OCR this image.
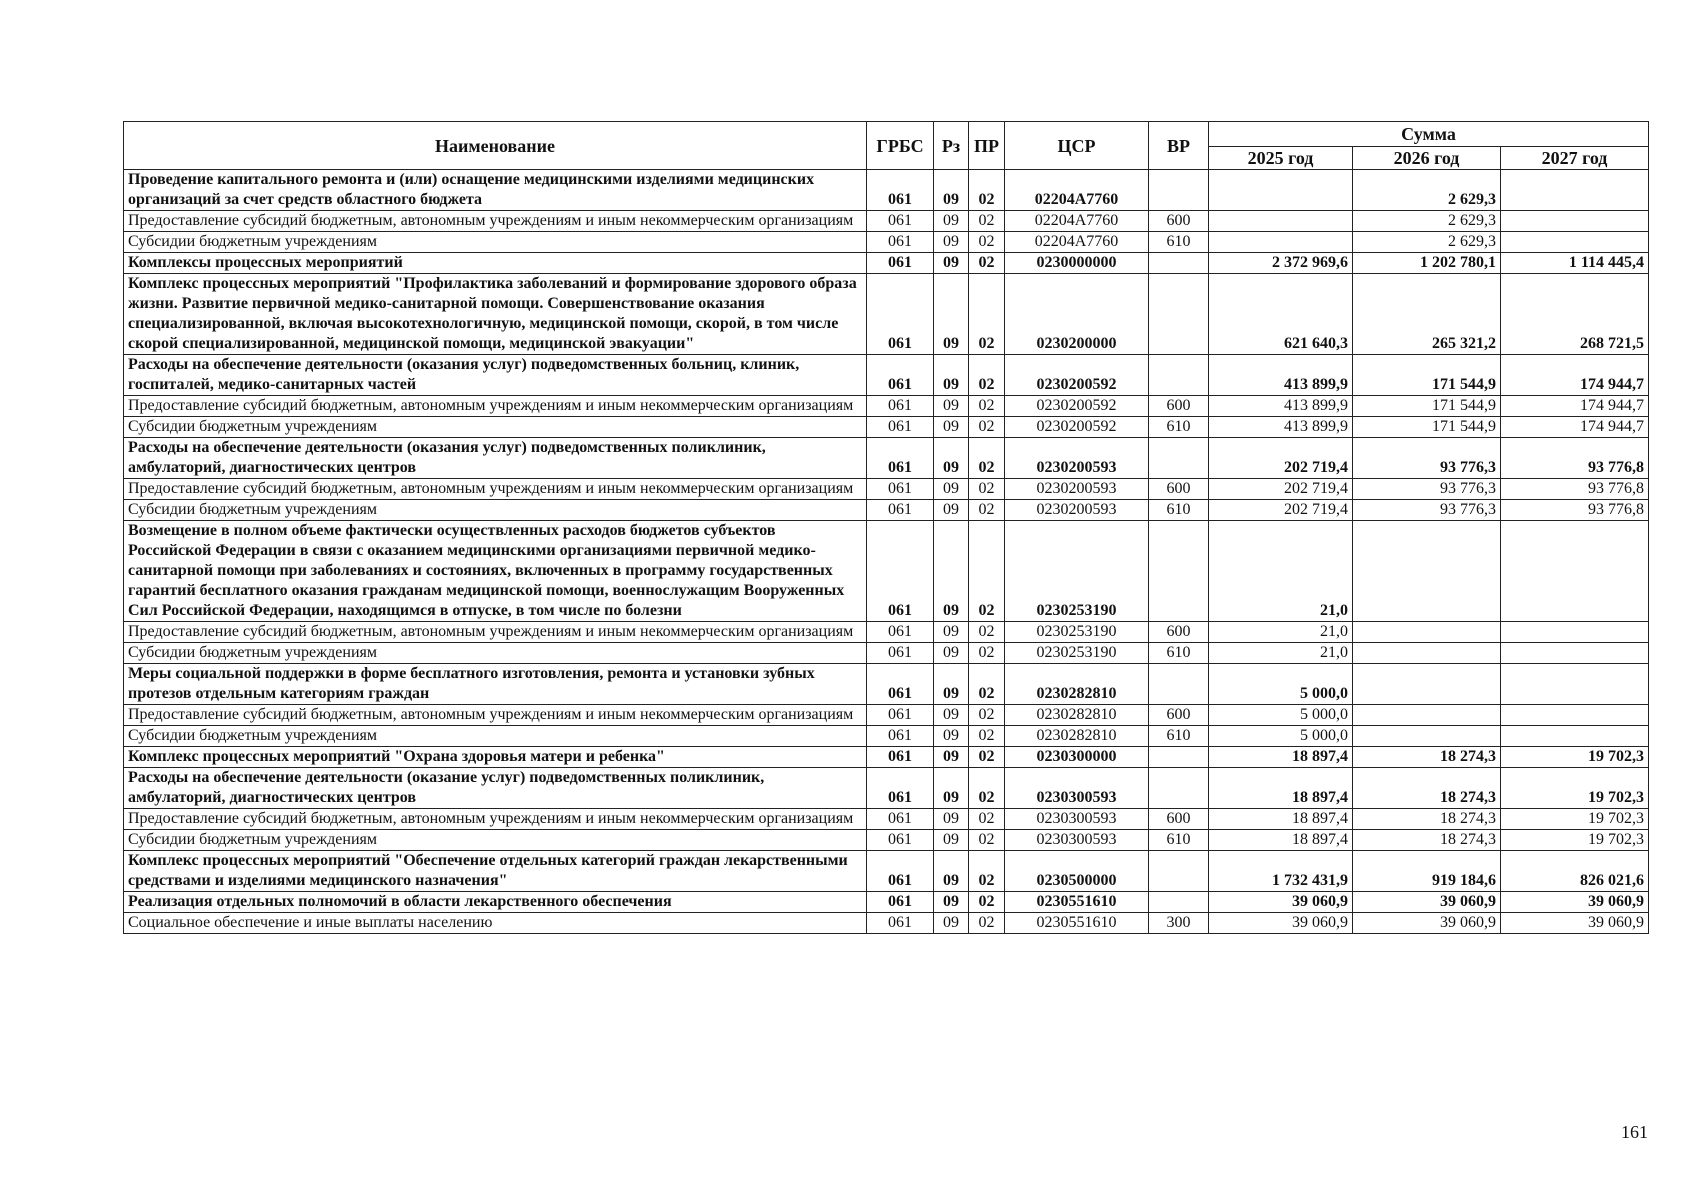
Наименование	ГРБС	Рз	ПР	ЦСР	ВР	Сумма		
						2025 год	2026 год	2027 год
Проведение капитального ремонта и (или) оснащение медицинскими изделиями медицинских организаций за счет средств областного бюджета	061	09	02	02204А7760			2 629,3	
Предоставление субсидий бюджетным, автономным учреждениям и иным некоммерческим организациям	061	09	02	02204А7760	600		2 629,3	
Субсидии бюджетным учреждениям	061	09	02	02204А7760	610		2 629,3	
Комплексы процессных мероприятий	061	09	02	0230000000		2 372 969,6	1 202 780,1	1 114 445,4
Комплекс процессных мероприятий "Профилактика заболеваний и формирование здорового образа жизни. Развитие первичной медико-санитарной помощи. Совершенствование оказания специализированной, включая высокотехнологичную, медицинской помощи, скорой, в том числе скорой специализированной, медицинской помощи, медицинской эвакуации"	061	09	02	0230200000		621 640,3	265 321,2	268 721,5
Расходы на обеспечение деятельности (оказания услуг) подведомственных больниц, клиник, госпиталей, медико-санитарных частей	061	09	02	0230200592		413 899,9	171 544,9	174 944,7
Предоставление субсидий бюджетным, автономным учреждениям и иным некоммерческим организациям	061	09	02	0230200592	600	413 899,9	171 544,9	174 944,7
Субсидии бюджетным учреждениям	061	09	02	0230200592	610	413 899,9	171 544,9	174 944,7
Расходы на обеспечение деятельности (оказания услуг) подведомственных поликлиник, амбулаторий, диагностических центров	061	09	02	0230200593		202 719,4	93 776,3	93 776,8
Предоставление субсидий бюджетным, автономным учреждениям и иным некоммерческим организациям	061	09	02	0230200593	600	202 719,4	93 776,3	93 776,8
Субсидии бюджетным учреждениям	061	09	02	0230200593	610	202 719,4	93 776,3	93 776,8
Возмещение в полном объеме фактически осуществленных расходов бюджетов субъектов Российской Федерации в связи с оказанием медицинскими организациями первичной медико-санитарной помощи при заболеваниях и состояниях, включенных в программу государственных гарантий бесплатного оказания гражданам медицинской помощи, военнослужащим Вооруженных Сил Российской Федерации, находящимся в отпуске, в том числе по болезни	061	09	02	0230253190		21,0		
Предоставление субсидий бюджетным, автономным учреждениям и иным некоммерческим организациям	061	09	02	0230253190	600	21,0		
Субсидии бюджетным учреждениям	061	09	02	0230253190	610	21,0		
Меры социальной поддержки в форме бесплатного изготовления, ремонта и установки зубных протезов отдельным категориям граждан	061	09	02	0230282810		5 000,0		
Предоставление субсидий бюджетным, автономным учреждениям и иным некоммерческим организациям	061	09	02	0230282810	600	5 000,0		
Субсидии бюджетным учреждениям	061	09	02	0230282810	610	5 000,0		
Комплекс процессных мероприятий "Охрана здоровья матери и ребенка"	061	09	02	0230300000		18 897,4	18 274,3	19 702,3
Расходы на обеспечение деятельности (оказание услуг) подведомственных поликлиник, амбулаторий, диагностических центров	061	09	02	0230300593		18 897,4	18 274,3	19 702,3
Предоставление субсидий бюджетным, автономным учреждениям и иным некоммерческим организациям	061	09	02	0230300593	600	18 897,4	18 274,3	19 702,3
Субсидии бюджетным учреждениям	061	09	02	0230300593	610	18 897,4	18 274,3	19 702,3
Комплекс процессных мероприятий "Обеспечение отдельных категорий граждан лекарственными средствами и изделиями медицинского назначения"	061	09	02	0230500000		1 732 431,9	919 184,6	826 021,6
Реализация отдельных полномочий в области лекарственного обеспечения	061	09	02	0230551610		39 060,9	39 060,9	39 060,9
Социальное обеспечение и иные выплаты населению	061	09	02	0230551610	300	39 060,9	39 060,9	39 060,9
161
